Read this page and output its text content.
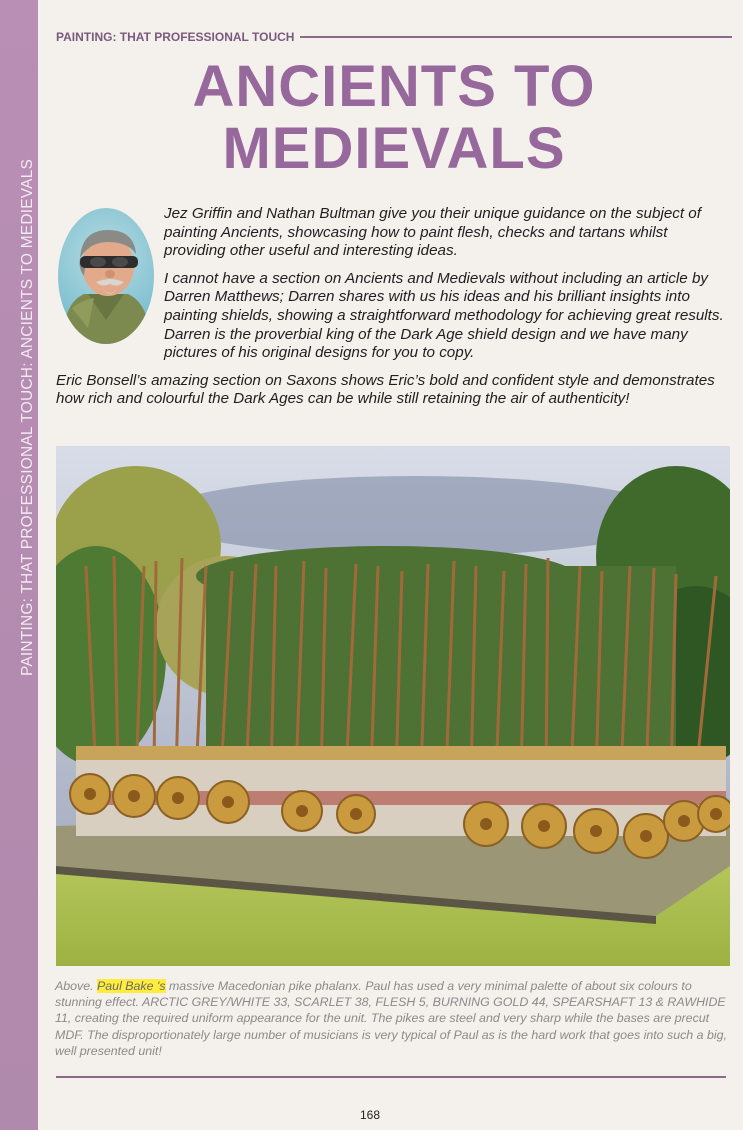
PAINTING: THAT PROFESSIONAL TOUCH: ANCIENTS TO MEDIEVALS
PAINTING: THAT PROFESSIONAL TOUCH
ANCIENTS TO
MEDIEVALS

Jez Griffin and Nathan Bultman give you their unique guidance on the subject of painting Ancients, showcasing how to paint flesh, checks and tartans whilst providing other useful and interesting ideas.

I cannot have a section on Ancients and Medievals without including an article by Darren Matthews; Darren shares with us his ideas and his brilliant insights into painting shields, showing a straightforward methodology for achieving great results. Darren is the proverbial king of the Dark Age shield design and we have many pictures of his original designs for you to copy.

Eric Bonsell’s amazing section on Saxons shows Eric’s bold and confident style and demonstrates how rich and colourful the Dark Ages can be while still retaining the air of authenticity!

Above. Paul Bake 's massive Macedonian pike phalanx. Paul has used a very minimal palette of about six colours to stunning effect. ARCTIC GREY/WHITE 33, SCARLET 38, FLESH 5, BURNING GOLD 44, SPEARSHAFT 13 & RAWHIDE 11, creating the required uniform appearance for the unit. The pikes are steel and very sharp while the bases are precut MDF. The disproportionately large number of musicians is very typical of Paul as is the hard work that goes into such a big, well presented unit!
168
